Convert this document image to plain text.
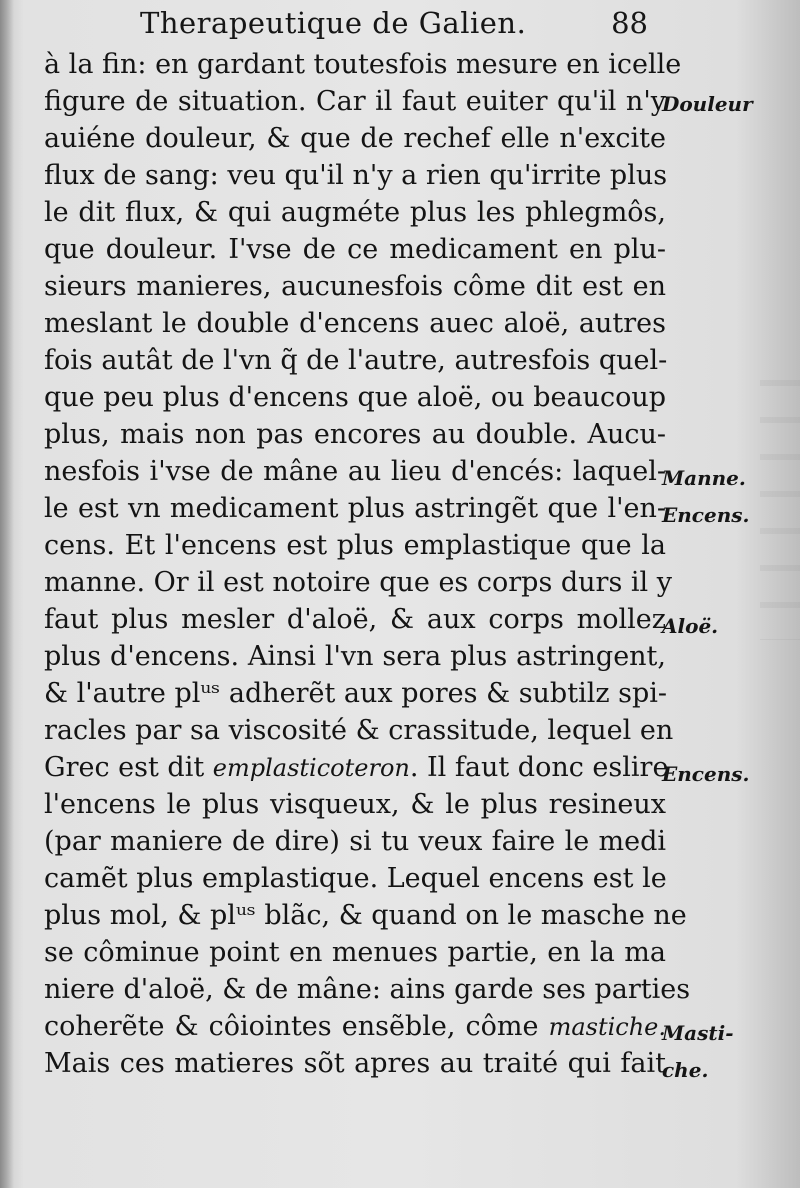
Therapeutique de Galien.	88
à la fin: en gardant toutesfois mesure en icelle
figure de situation. Car il faut euiter qu'il n'y
auiéne douleur, & que de rechef elle n'excite
flux de sang: veu qu'il n'y a rien qu'irrite plus
le dit flux, & qui augméte plus les phlegmôs,
que douleur. I'vse de ce medicament en plu-
sieurs manieres, aucunesfois côme dit est en
meslant le double d'encens auec aloë, autres
fois autât de l'vn q̃ de l'autre, autresfois quel-
que peu plus d'encens que aloë, ou beaucoup
plus, mais non pas encores au double. Aucu-
nesfois i'vse de mâne au lieu d'encés: laquel-
le est vn medicament plus astringẽt que l'en-
cens. Et l'encens est plus emplastique que la
manne. Or il est notoire que es corps durs il y
faut plus mesler d'aloë, & aux corps mollez
plus d'encens. Ainsi l'vn sera plus astringent,
& l'autre plᵘˢ adherẽt aux pores & subtilz spi-
racles par sa viscosité & crassitude, lequel en
Grec est dit emplasticoteron. Il faut donc eslire
l'encens le plus visqueux, & le plus resineux
(par maniere de dire) si tu veux faire le medi
camẽt plus emplastique. Lequel encens est le
plus mol, & plᵘˢ blãc, & quand on le masche ne
se côminue point en menues partie, en la ma
niere d'aloë, & de mâne: ains garde ses parties
coherẽte & côiointes ensẽble, côme mastiche.
Mais ces matieres sõt apres au traité qui fait
Douleur
Manne.
Encens.
Aloë.
Encens.
Masti-
che.
